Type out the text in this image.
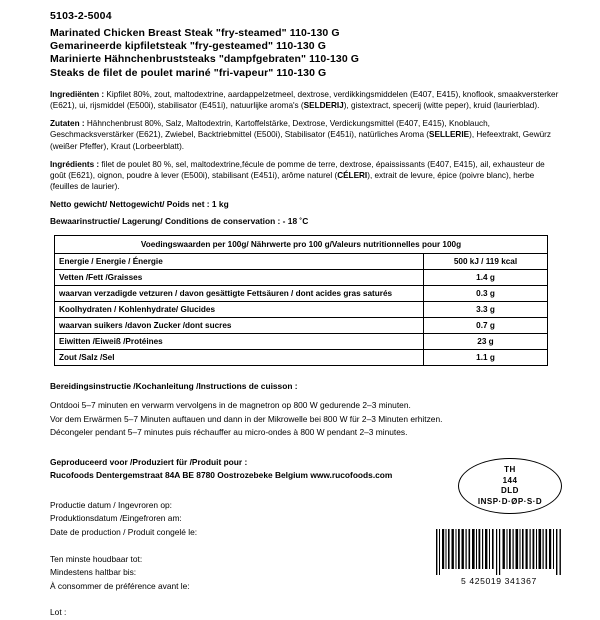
5103-2-5004
Marinated Chicken Breast Steak "fry-steamed" 110-130 G
Gemarineerde kipfiletsteak "fry-gesteamed" 110-130 G
Marinierte Hähnchenbruststeaks "dampfgebraten" 110-130 G
Steaks de filet de poulet mariné "fri-vapeur" 110-130 G
Ingrediënten : Kipfilet 80%, zout, maltodextrine, aardappelzetmeel, dextrose, verdikkingsmiddelen (E407, E415), knoflook, smaakversterker (E621), ui, rijsmiddel (E500i), stabilisator (E451i), natuurlijke aroma's (SELDERIJ), gistextract, specerij (witte peper), kruid (laurierblad).
Zutaten : Hähnchenbrust 80%, Salz, Maltodextrin, Kartoffelstärke, Dextrose, Verdickungsmittel (E407, E415), Knoblauch, Geschmacksverstärker (E621), Zwiebel, Backtriebmittel (E500i), Stabilisator (E451i), natürliches Aroma (SELLERIE), Hefeextrakt, Gewürz (weißer Pfeffer), Kraut (Lorbeerblatt).
Ingrédients : filet de poulet 80 %, sel, maltodextrine,fécule de pomme de terre, dextrose, épaississants (E407, E415), ail, exhausteur de goût (E621), oignon, poudre à lever (E500i), stabilisant (E451i), arôme naturel (CÉLERI), extrait de levure, épice (poivre blanc), herbe (feuilles de laurier).
Netto gewicht/ Nettogewicht/ Poids net : 1 kg
Bewaarinstructie/ Lagerung/ Conditions de conservation : - 18 ˚C
Voedingswaarden per 100g/ Nährwerte pro 100 g/Valeurs nutritionnelles pour 100g	
Energie / Energie / Énergie	500 kJ / 119 kcal
Vetten /Fett /Graisses	1.4 g
waarvan verzadigde vetzuren / davon gesättigte Fettsäuren / dont acides gras saturés	0.3 g
Koolhydraten / Kohlenhydrate/ Glucides	3.3 g
waarvan suikers /davon Zucker /dont sucres	0.7 g
Eiwitten /Eiweiß /Protéines	23 g
Zout /Salz /Sel	1.1 g
Bereidingsinstructie /Kochanleitung /Instructions de cuisson :
Ontdooi 5–7 minuten en verwarm vervolgens in de magnetron op 800 W gedurende 2–3 minuten.
Vor dem Erwärmen 5–7 Minuten auftauen und dann in der Mikrowelle bei 800 W für 2–3 Minuten erhitzen.
Décongeler pendant 5–7 minutes puis réchauffer au micro-ondes à 800 W pendant 2–3 minutes.
Geproduceerd voor /Produziert für /Produit pour :
Rucofoods Dentergemstraat 84A BE 8780 Oostrozebeke Belgium www.rucofoods.com
Productie datum / Ingevroren op:
Produktionsdatum /Eingefroren am:
Date de production / Produit congelé le:
Ten minste houdbaar tot:
Mindestens haltbar bis:
À consommer de préférence avant le:
Lot :
TH
144
DLD
INSP·D·ØP·S·D
5 425019 341367
